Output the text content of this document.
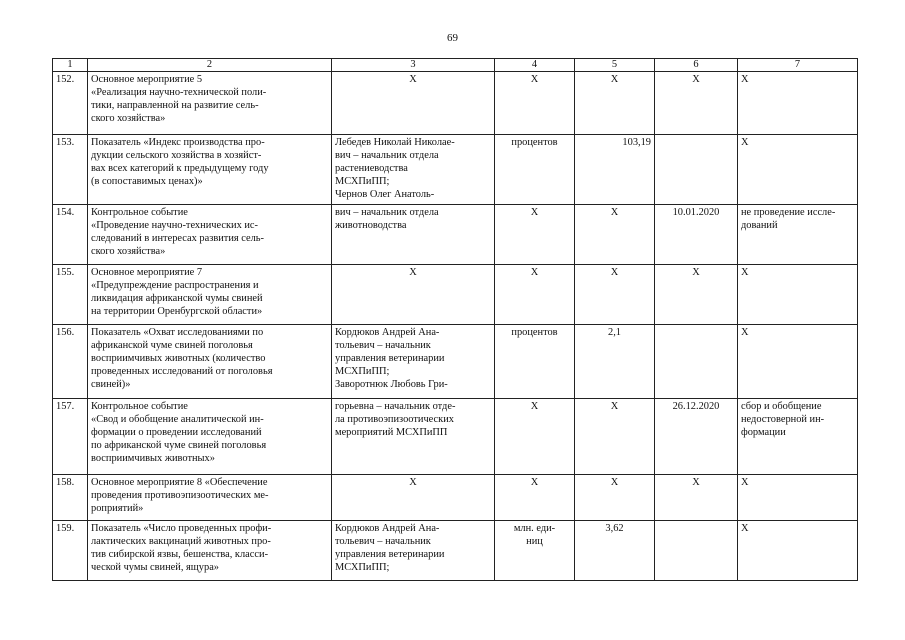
69
1	2	3	4	5	6	7
152.	Основное мероприятие 5
«Реализация научно-технической поли-
тики, направленной на развитие сель-
ского хозяйства»	X	X	X	X	X
153.	Показатель «Индекс производства про-
дукции сельского хозяйства в хозяйст-
вах всех категорий к предыдущему году
(в сопоставимых ценах)»	Лебедев Николай Николае-
вич – начальник отдела
растениеводства
МСХПиПП;
Чернов Олег Анатоль-	процентов	103,19		X
154.	Контрольное событие
«Проведение научно-технических ис-
следований в интересах развития сель-
ского хозяйства»	вич – начальник отдела
животноводства	X	X	10.01.2020	не проведение иссле-
дований

155.	Основное мероприятие 7
«Предупреждение распространения и
ликвидация африканской чумы свиней
на территории Оренбургской области»	X	X	X	X	X
156.	Показатель «Охват исследованиями по
африканской чуме свиней поголовья
восприимчивых животных (количество
проведенных исследований от поголовья
свиней)»	Кордюков Андрей Ана-
тольевич – начальник
управления ветеринарии
МСХПиПП;
Заворотнюк Любовь Гри-	процентов	2,1		X
157.	Контрольное событие
«Свод и обобщение аналитической ин-
формации о проведении исследований
по африканской чуме свиней поголовья
восприимчивых животных»	горьевна – начальник отде-
ла противоэпизоотических
мероприятий МСХПиПП	X	X	26.12.2020	сбор и обобщение
недостоверной ин-
формации

158.	Основное мероприятие 8 «Обеспечение
проведения противоэпизоотических ме-
роприятий»	X	X	X	X	X
159.	Показатель «Число проведенных профи-
лактических вакцинаций животных про-
тив сибирской язвы, бешенства, класси-
ческой чумы свиней, ящура»	Кордюков Андрей Ана-
тольевич – начальник
управления ветеринарии
МСХПиПП;	млн. еди-
ниц	3,62		X
